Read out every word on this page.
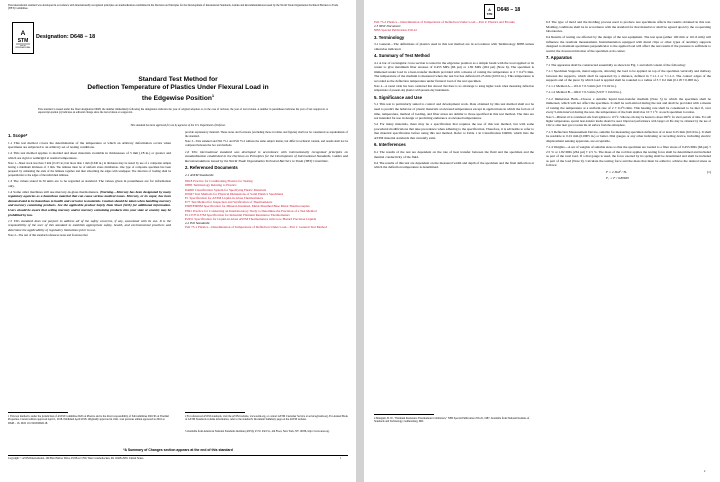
This international standard was developed in accordance with internationally recognized principles on standardization established in the Decision on Principles for the Development of International Standards, Guides and Recommendations issued by the World Trade Organization Technical Barriers to Trade (TBT) Committee.
A
STM
ASTM INTERNATIONAL
Designation: D648 − 18
Standard Test Method for
Deflection Temperature of Plastics Under Flexural Load in
the Edgewise Position$^1$
This standard is issued under the fixed designation D648; the number immediately following the designation indicates the year of original adoption or, in the case of revision, the year of last revision. A number in parentheses indicates the year of last reapproval. A superscript epsilon (ε) indicates an editorial change since the last revision or reapproval.
This standard has been approved for use by agencies of the U.S. Department of Defense.
1. Scope*

1.1 This test method covers the determination of the temperature at which an arbitrary deformation occurs when specimens are subjected to an arbitrary set of testing conditions.

1.2 This test method applies to molded and sheet materials available in thicknesses of 3 mm (1⁄8 in.) or greater and which are rigid or semirigid at normal temperature.

Note 1—Sheet stock less than 3 mm (0.125 in.) but more than 1 mm (0.040 in.) in thickness may be tested by use of a composite sample having a minimum thickness of 3 mm. The laminae must be of uniform stress distribution. One type of composite specimen has been prepared by cementing the ends of the laminae together and then smoothing the edges with sandpaper. The direction of loading shall be perpendicular to the edges of the individual laminae.

1.3 The values stated in SI units are to be regarded as standard. The values given in parentheses are for information only.

1.4 Some older machines still use mercury-in-glass thermometers. (Warning—Mercury has been designated by many regulatory agencies as a hazardous material that can cause serious medical issues. Mercury, or its vapor, has been demonstrated to be hazardous to health and corrosive to materials. Caution should be taken when handling mercury and mercury containing products. See the applicable product Safety Data Sheet (SDS) for additional information. Users should be aware that selling mercury and/or mercury containing products into your state or country may be prohibited by law.

1.5 This standard does not purport to address all of the safety concerns, if any, associated with its use. It is the responsibility of the user of this standard to establish appropriate safety, health, and environmental practices and determine the applicability of regulatory limitations prior to use.

Note 2—The text of this standard references notes and footnotes that

provide explanatory material. These notes and footnotes (excluding those in tables and figures) shall not be considered as requirements of the standard.

Note 3—This standard and ISO 75-1 and ISO 75-2 address the same subject matter, but differ in technical content, and results shall not be compared between the two test methods.

1.6 This international standard was developed in accordance with internationally recognized principles on standardization established in the Decision on Principles for the Development of International Standards, Guides and Recommendations issued by the World Trade Organization Technical Barriers to Trade (TBT) Committee.

2. Referenced Documents

2.1 ASTM Standards:

D618 Practice for Conditioning Plastics for Testing
D883 Terminology Relating to Plastics
D4000 Classification System for Specifying Plastic Materials
D5947 Test Methods for Physical Dimensions of Solid Plastics Specimens
E1 Specification for ASTM Liquid-in-Glass Thermometers
E77 Test Method for Inspection and Verification of Thermometers
E608/E608M Specification for Mineral-Insulated, Metal-Sheathed Base Metal Thermocouples
E691 Practice for Conducting an Interlaboratory Study to Determine the Precision of a Test Method
E1137/E1137M Specification for Industrial Platinum Resistance Thermometers
E2251 Specification for Liquid-in-Glass ASTM Thermometers with Low-Hazard Precision Liquids
2.2 ISO Standards:
ISO 75-1 Plastics—Determination of Temperature of Deflection Under Load—Part 1: General Test Method
1 This test method is under the jurisdiction of ASTM Committee D20 on Plastics and is the direct responsibility of Subcommittee D20.30 on Thermal Properties. Current edition approved April 1, 2018. Published April 2018. Originally approved in 1941. Last previous edition approved in 2016 as D648 – 16. DOI: 10.1520/D0648-18.
2 For referenced ASTM standards, visit the ASTM website, www.astm.org, or contact ASTM Customer Service at service@astm.org. For Annual Book of ASTM Standards volume information, refer to the standard's Document Summary page on the ASTM website.
3 Available from American National Standards Institute (ANSI), 25 W. 43rd St., 4th Floor, New York, NY 10036, http://www.ansi.org.
*A Summary of Changes section appears at the end of this standard
Copyright © ASTM International, 100 Barr Harbor Drive, PO Box C700, West Conshohocken, PA 19428-2959. United States	1
A
STM
D648 − 18
ISO 75-2 Plastics—Determination of Temperature of Deflection Under Load—Part 2: Plastics and Ebonite
2.3 NIST Document:
NBS Special Publication 250-22
3. Terminology

3.1 General—The definitions of plastics used in this test method are in accordance with Terminology D883 unless otherwise indicated.

4. Summary of Test Method

4.1 A bar of rectangular cross section is tested in the edgewise position as a simple beam with the load applied at its center to give maximum fiber stresses of 0.455 MPa (66 psi) or 1.82 MPa (264 psi) (Note 6). The specimen is immersed under load in a heat-transfer medium provided with a means of raising the temperature at 2 ± 0.2°C/min. The temperature of the medium is measured when the test bar has deflected 0.25 mm (0.010 in.). This temperature is recorded as the deflection temperature under flexural load of the test specimen.

Note 4—A round robin has been conducted that showed that there is no advantage to using higher loads when measuring deflection temperature of present-day plastics with present-day instruments.

5. Significance and Use

5.1 This test is particularly suited to control and development work. Data obtained by this test method shall not be used to predict the behavior of plastic materials at elevated temperatures except in applications in which the factors of time, temperature, method of loading, and fiber stress are similar to those specified in this test method. The data are not intended for use in design or predicting endurance at elevated temperatures.

5.2 For many materials, there may be a specification that requires the use of this test method, but with some procedural modifications that take precedence when adhering to the specification. Therefore, it is advisable to refer to that material specification before using this test method. Refer to Table 1 in Classification D4000, which lists the ASTM material standards that currently exist.

6. Interferences

6.1 The results of the test are dependent on the rate of heat transfer between the fluid and the specimen and the thermal conductivity of the fluid.

6.2 The results of this test are dependent on the measured width and depth of the specimen and the final deflection at which the deflection temperature is determined.

4 Mangum, B. W., "Platinum Resistance Thermometer Calibration," NBS Special Publication 250-22, 1987. Available from National Institute of Standards and Technology, Gaithersburg, MD.

6.3 The type of mold and the molding process used to produce test specimens affects the results obtained in this test. Molding conditions shall be in accordance with the standard for that material or shall be agreed upon by the cooperating laboratories.

6.4 Results of testing are affected by the design of the test equipment. The test span (either 100 mm or 101.6 mm) will influence the resultant measurement. Instrumentation equipped with metal clips or other types of auxiliary supports designed to maintain specimens perpendicular to the applied load will affect the test results if the pressure is sufficient to restrict the downward motion of the specimen at its center.

7. Apparatus

7.1 The apparatus shall be constructed essentially as shown in Fig. 1 and shall consist of the following:

7.1.1 Specimen Supports, metal supports, allowing the load to be applied on top of the specimen vertically and midway between the supports, which shall be separated by a distance, defined in 7.1.1.1 or 7.1.1.2. The contact edges of the supports and of the piece by which load is applied shall be rounded to a radius of 3 ± 0.2 mm (0.118 ± 0.008 in.).

7.1.1.1 Method A—101.6 ± 0.5 mm (4.0 ± 0.02 in.).

7.1.1.2 Method B—100.0 ± 0.5 mm (3.937 ± 0.020 in.).

7.1.2 Immersion Bath—Choose a suitable liquid heat-transfer medium (Note 5) in which the specimen shall be immersed, which will not affect the specimen. It shall be well-stirred during the test and shall be provided with a means of raising the temperature at a uniform rate of 2 ± 0.2°C/min. This heating rate shall be considered to be met if, over every 5-min interval during the test, the temperature of the bath shall rise 10 ± 1°C at each specimen location.

Note 5—Mineral oil is considered safe from ignition to 115°C. Silicone oils may be heated to about 260°C for short periods of time. For still higher temperatures, special heat-transfer media should be used. Improved performance with longer oil life may be obtained by the use of CO2 or other inert gas to isolate the oil surface from the atmosphere.

7.1.3 Deflection Measurement Device, suitable for measuring specimen deflection of at least 0.25 mm (0.010 in.). It shall be readable to 0.01 mm (0.0005 in.) or better. Dial gauges or any other indicating or recording device, including electric displacement sensing apparatus, are acceptable.

7.1.4 Weights—A set of weights of suitable sizes so that the specimen are loaded to a fiber stress of 0.455 MPa (66 psi) ± 2.5 % or 1.82 MPa (264 psi) ± 2.5 %. The mass of the rod that applies the testing force shall be determined and included as part of the total load. If a dial gauge is used, the force exerted by its spring shall be determined and shall be included as part of the load (Note 9). Calculate the testing force and the mass that must be added to achieve the desired stress as follows:

F = 2 Sbd² / 3L	(1)
F₁ = F / 9.80665
2
